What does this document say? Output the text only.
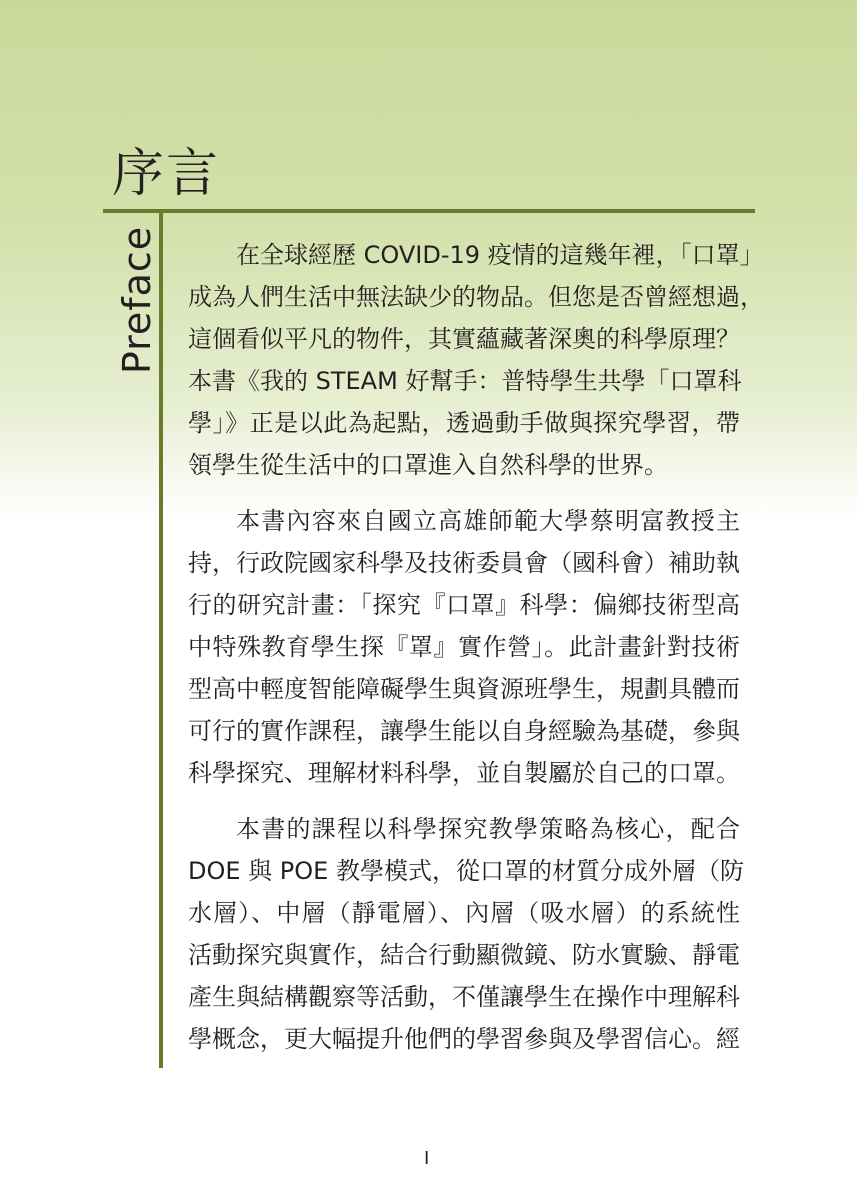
序言
Preface	在全球經歷 COVID-19 疫情的這幾年裡，「口罩」
成為人們生活中無法缺少的物品。但您是否曾經想過，
這個看似平凡的物件，其實蘊藏著深奧的科學原理？
本書《我的 STEAM 好幫手：普特學生共學「口罩科
學」》正是以此為起點，透過動手做與探究學習，帶
領學生從生活中的口罩進入自然科學的世界。
本書內容來自國立高雄師範大學蔡明富教授主
持，行政院國家科學及技術委員會（國科會）補助執
行的研究計畫：「探究『口罩』科學：偏鄉技術型高
中特殊教育學生探『罩』實作營」。此計畫針對技術
型高中輕度智能障礙學生與資源班學生，規劃具體而
可行的實作課程，讓學生能以自身經驗為基礎，參與
科學探究、理解材料科學，並自製屬於自己的口罩。
本書的課程以科學探究教學策略為核心，配合
DOE 與 POE 教學模式，從口罩的材質分成外層（防
水層）、中層（靜電層）、內層（吸水層）的系統性
活動探究與實作，結合行動顯微鏡、防水實驗、靜電
產生與結構觀察等活動，不僅讓學生在操作中理解科
學概念，更大幅提升他們的學習參與及學習信心。經
I
